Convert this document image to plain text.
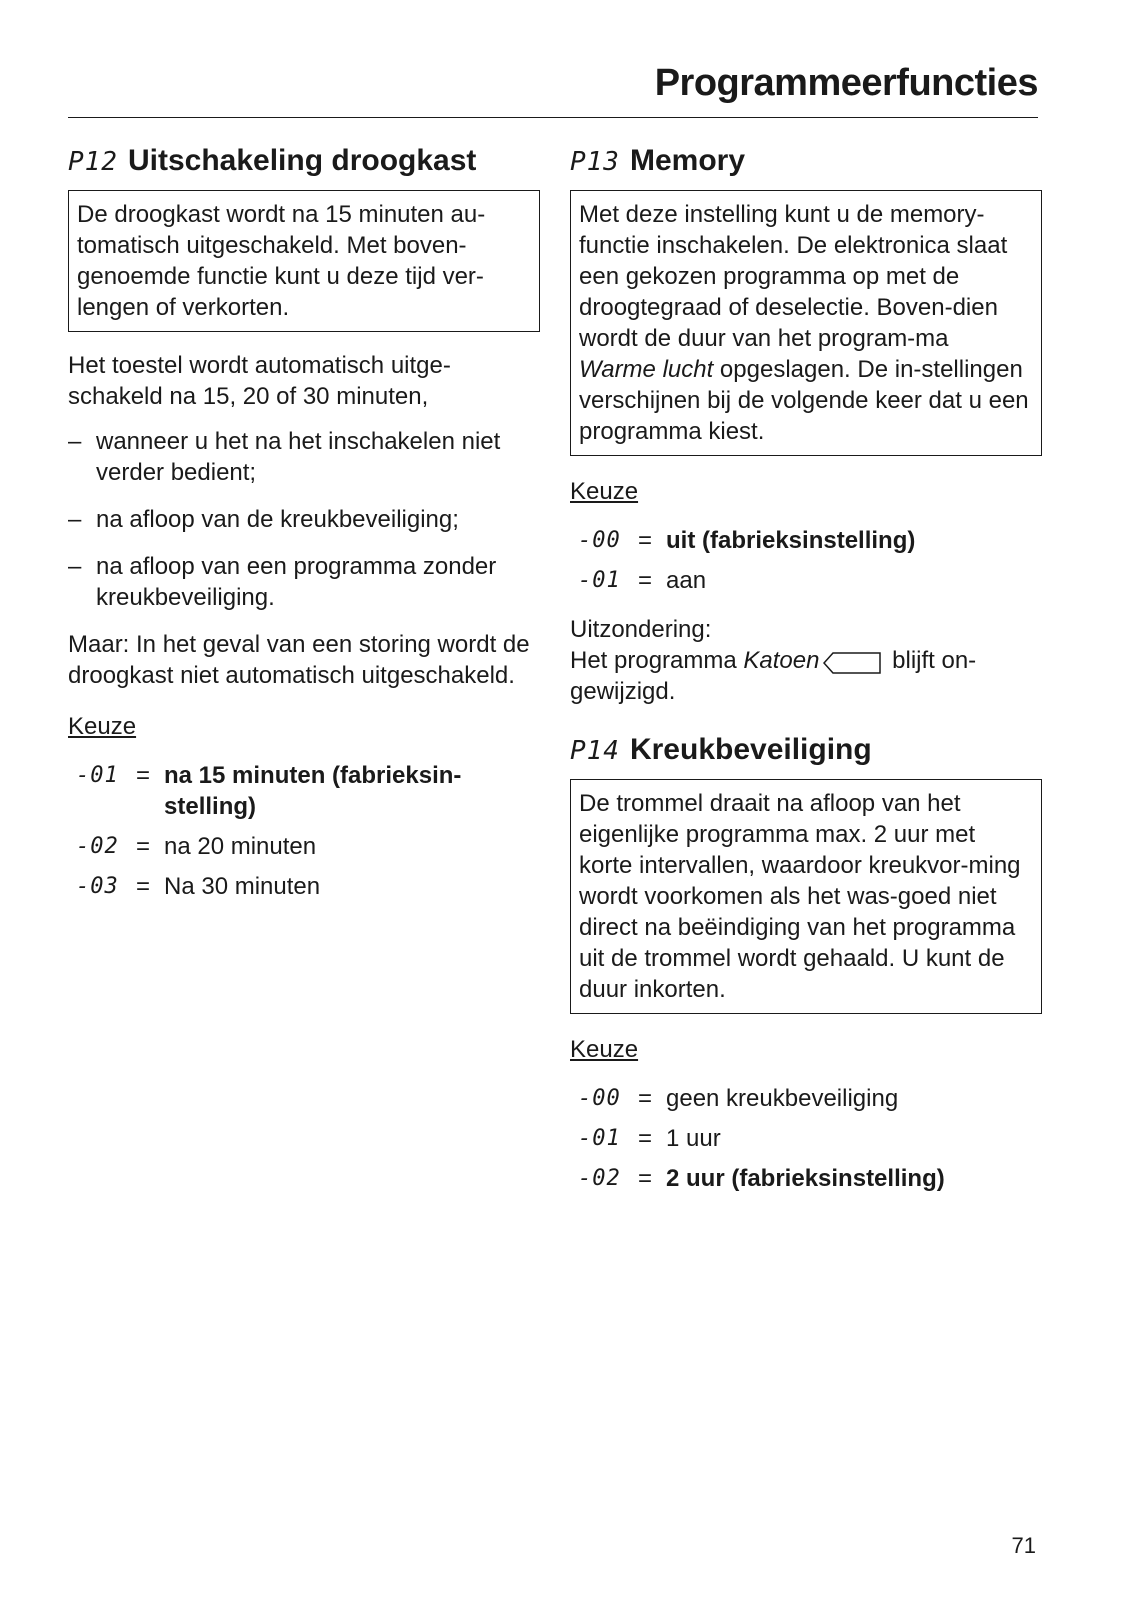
Programmeerfuncties
P12 Uitschakeling droogkast
De droogkast wordt na 15 minuten au-tomatisch uitgeschakeld. Met boven-genoemde functie kunt u deze tijd ver-lengen of verkorten.

Het toestel wordt automatisch uitge-schakeld na 15, 20 of 30 minuten,

– wanneer u het na het inschakelen niet verder bedient;
– na afloop van de kreukbeveiliging;
– na afloop van een programma zonder kreukbeveiliging.

Maar: In het geval van een storing wordt de droogkast niet automatisch uitgeschakeld.

Keuze
-01 = na 15 minuten (fabrieksin-stelling)
-02 = na 20 minuten
-03 = Na 30 minuten
P13 Memory
Met deze instelling kunt u de memory-functie inschakelen. De elektronica slaat een gekozen programma op met de droogtegraad of deselectie. Boven-dien wordt de duur van het program-ma Warme lucht opgeslagen. De in-stellingen verschijnen bij de volgende keer dat u een programma kiest.
Keuze
-00 = uit (fabrieksinstelling)
-01 = aan

Uitzondering:
Het programma Katoen	blijft on-gewijzigd.

P14 Kreukbeveiliging
De trommel draait na afloop van het eigenlijke programma max. 2 uur met korte intervallen, waardoor kreukvor-ming wordt voorkomen als het was-goed niet direct na beëindiging van het programma uit de trommel wordt gehaald. U kunt de duur inkorten.
Keuze
-00 = geen kreukbeveiliging
-01 = 1 uur
-02 = 2 uur (fabrieksinstelling)
71
